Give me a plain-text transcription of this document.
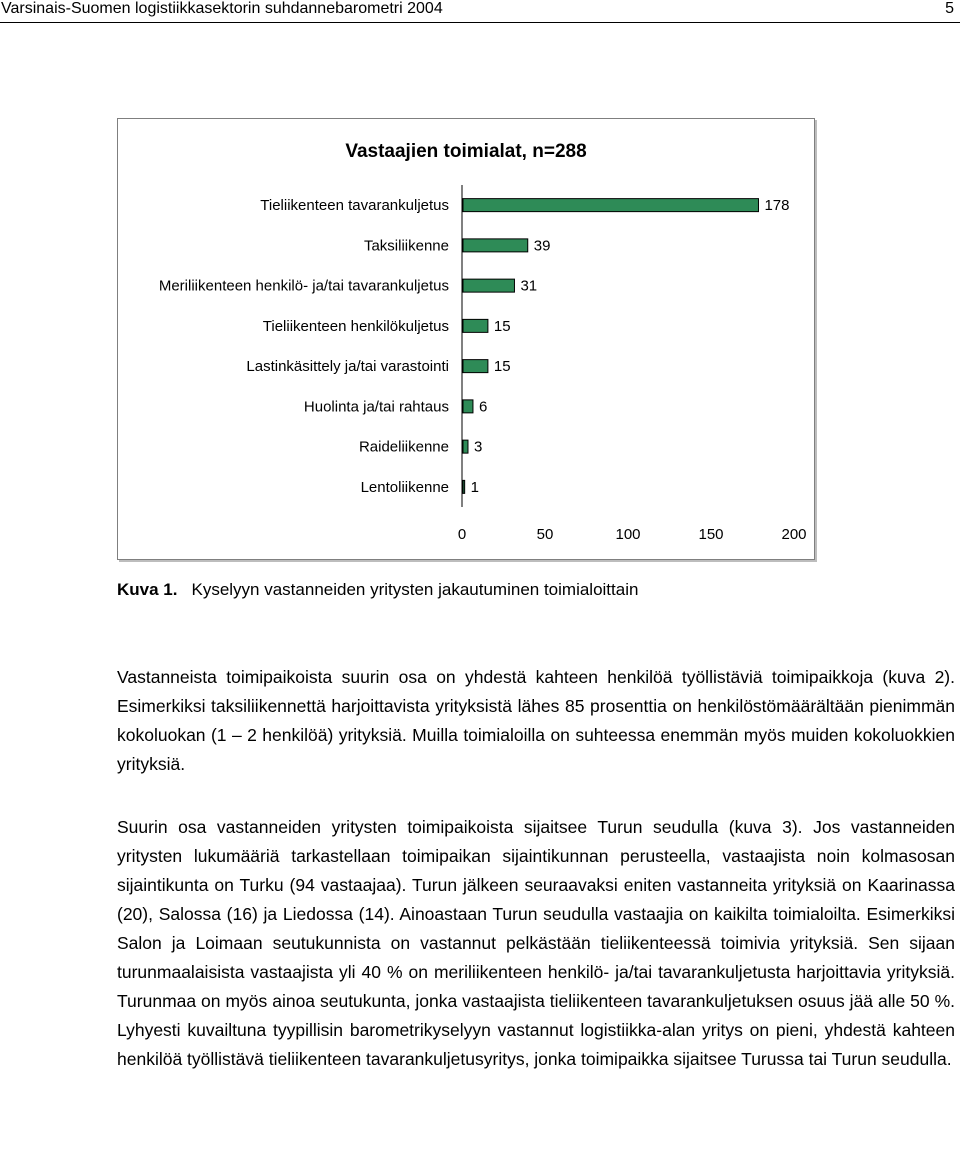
Varsinais-Suomen logistiikkasektorin suhdannebarometri 2004	5
Vastaajien toimialat, n=288
Tieliikenteen tavarankuljetus	178
Taksiliikenne	39
Meriliikenteen henkilö- ja/tai tavarankuljetus	31
Tieliikenteen henkilökuljetus	15
Lastinkäsittely ja/tai varastointi	15
Huolinta ja/tai rahtaus 6
Raideliikenne 3
Lentoliikenne 1
0	50	100	150	200
Kuva 1. Kyselyyn vastanneiden yritysten jakautuminen toimialoittain

Vastanneista toimipaikoista suurin osa on yhdestä kahteen henkilöä työllistäviä toimipaikkoja (kuva 2). Esimerkiksi taksiliikennettä harjoittavista yrityksistä lähes 85 prosenttia on henkilöstömäärältään pienimmän kokoluokan (1 – 2 henkilöä) yrityksiä. Muilla toimialoilla on suhteessa enemmän myös muiden kokoluokkien yrityksiä.

Suurin osa vastanneiden yritysten toimipaikoista sijaitsee Turun seudulla (kuva 3). Jos vastanneiden yritysten lukumääriä tarkastellaan toimipaikan sijaintikunnan perusteella, vastaajista noin kolmasosan sijaintikunta on Turku (94 vastaajaa). Turun jälkeen seuraavaksi eniten vastanneita yrityksiä on Kaarinassa (20), Salossa (16) ja Liedossa (14). Ainoastaan Turun seudulla vastaajia on kaikilta toimialoilta. Esimerkiksi Salon ja Loimaan seutukunnista on vastannut pelkästään tieliikenteessä toimivia yrityksiä. Sen sijaan turunmaalaisista vastaajista yli 40 % on meriliikenteen henkilö- ja/tai tavarankuljetusta harjoittavia yrityksiä. Turunmaa on myös ainoa seutukunta, jonka vastaajista tieliikenteen tavarankuljetuksen osuus jää alle 50 %. Lyhyesti kuvailtuna tyypillisin barometrikyselyyn vastannut logistiikka-alan yritys on pieni, yhdestä kahteen henkilöä työllistävä tieliikenteen tavarankuljetusyritys, jonka toimipaikka sijaitsee Turussa tai Turun seudulla.
